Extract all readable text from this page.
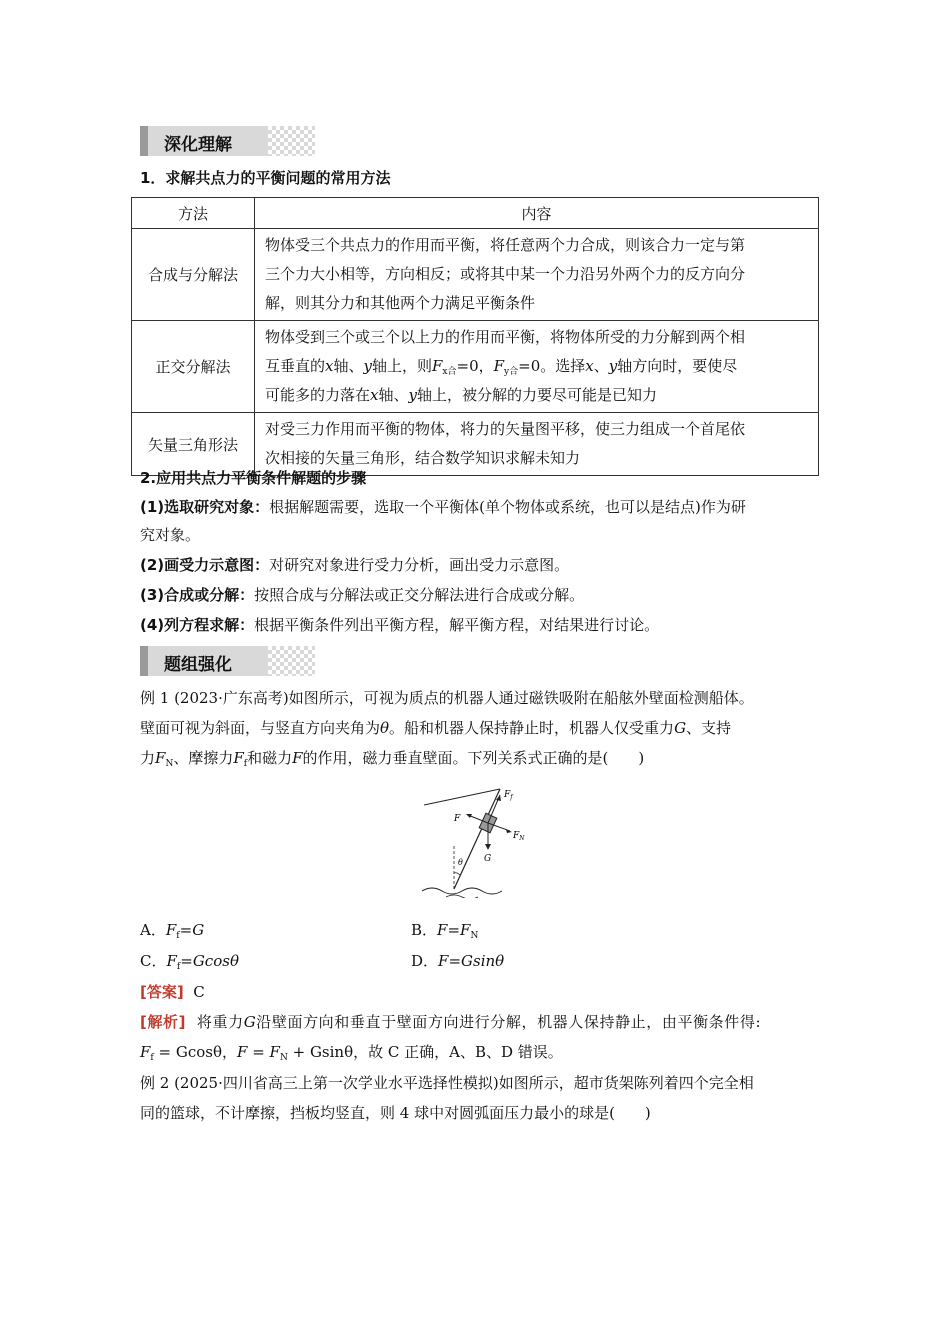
深化理解
1．求解共点力的平衡问题的常用方法
方法	内容
合成与分解法	物体受三个共点力的作用而平衡，将任意两个力合成，则该合力一定与第
三个力大小相等，方向相反；或将其中某一个力沿另外两个力的反方向分
解，则其分力和其他两个力满足平衡条件

正交分解法	物体受到三个或三个以上力的作用而平衡，将物体所受的力分解到两个相
互垂直的x轴、y轴上，则$F_{x合}=0$，$F_{y合}=0$。选择x、y轴方向时，要使尽
可能多的力落在x轴、y轴上，被分解的力要尽可能是已知力

矢量三角形法	对受三力作用而平衡的物体，将力的矢量图平移，使三力组成一个首尾依
次相接的矢量三角形，结合数学知识求解未知力
2.应用共点力平衡条件解题的步骤
(1)选取研究对象：根据解题需要，选取一个平衡体(单个物体或系统，也可以是结点)作为研
究对象。
(2)画受力示意图：对研究对象进行受力分析，画出受力示意图。
(3)合成或分解：按照合成与分解法或正交分解法进行合成或分解。
(4)列方程求解：根据平衡条件列出平衡方程，解平衡方程，对结果进行讨论。
题组强化
例 1 (2023·广东高考)如图所示，可视为质点的机器人通过磁铁吸附在船舷外壁面检测船体。
壁面可视为斜面，与竖直方向夹角为θ。船和机器人保持静止时，机器人仅受重力G、支持
力$F_N$、摩擦力$F_f$和磁力F的作用，磁力垂直壁面。下列关系式正确的是(　　)
$F_f$
F
$F_N$
G
θ
A．$F_f=G$	B．$F=F_N$
C．$F_f=Gcos\theta$	D．F=Gsinθ
[答案] C
[解析] 将重力G沿壁面方向和垂直于壁面方向进行分解，机器人保持静止，由平衡条件得:
$F_f = Gcos\theta$，$F = F_N + Gsin\theta$，故 C 正确，A、B、D 错误。
例 2 (2025·四川省高三上第一次学业水平选择性模拟)如图所示，超市货架陈列着四个完全相
同的篮球，不计摩擦，挡板均竖直，则 4 球中对圆弧面压力最小的球是(　　)
